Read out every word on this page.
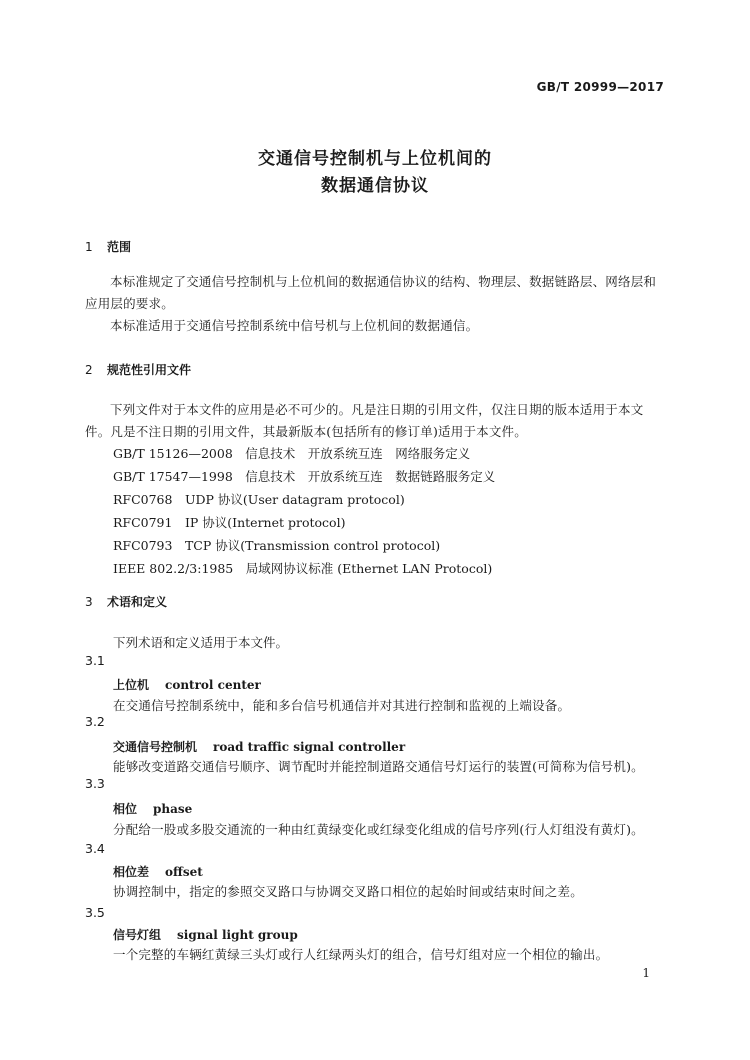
GB/T 20999—2017
交通信号控制机与上位机间的
数据通信协议
1 范围

本标准规定了交通信号控制机与上位机间的数据通信协议的结构、物理层、数据链路层、网络层和应用层的要求。

本标准适用于交通信号控制系统中信号机与上位机间的数据通信。

2 规范性引用文件

下列文件对于本文件的应用是必不可少的。凡是注日期的引用文件，仅注日期的版本适用于本文件。凡是不注日期的引用文件，其最新版本(包括所有的修订单)适用于本文件。

GB/T 15126—2008　信息技术　开放系统互连　网络服务定义
GB/T 17547—1998　信息技术　开放系统互连　数据链路服务定义
RFC0768　UDP 协议(User datagram protocol)
RFC0791　IP 协议(Internet protocol)
RFC0793　TCP 协议(Transmission control protocol)
IEEE 802.2/3:1985　局域网协议标准 (Ethernet LAN Protocol)
3 术语和定义
下列术语和定义适用于本文件。
3.1
上位机 control center
在交通信号控制系统中，能和多台信号机通信并对其进行控制和监视的上端设备。
3.2
交通信号控制机 road traffic signal controller
能够改变道路交通信号顺序、调节配时并能控制道路交通信号灯运行的装置(可简称为信号机)。
3.3
相位 phase
分配给一股或多股交通流的一种由红黄绿变化或红绿变化组成的信号序列(行人灯组没有黄灯)。
3.4
相位差 offset
协调控制中，指定的参照交叉路口与协调交叉路口相位的起始时间或结束时间之差。
3.5
信号灯组 signal light group
一个完整的车辆红黄绿三头灯或行人红绿两头灯的组合，信号灯组对应一个相位的输出。
1
